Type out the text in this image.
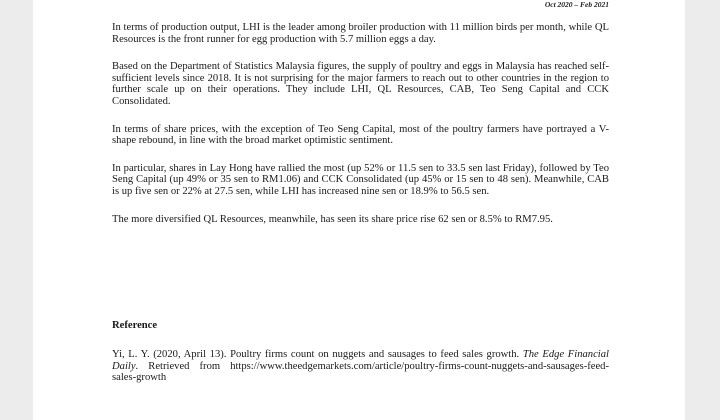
Oct 2020 – Feb 2021

In terms of production output, LHI is the leader among broiler production with 11 million birds per month, while QL Resources is the front runner for egg production with 5.7 million eggs a day.

Based on the Department of Statistics Malaysia figures, the supply of poultry and eggs in Malaysia has reached self-sufficient levels since 2018. It is not surprising for the major farmers to reach out to other countries in the region to further scale up on their operations. They include LHI, QL Resources, CAB, Teo Seng Capital and CCK Consolidated.

In terms of share prices, with the exception of Teo Seng Capital, most of the poultry farmers have portrayed a V-shape rebound, in line with the broad market optimistic sentiment.

In particular, shares in Lay Hong have rallied the most (up 52% or 11.5 sen to 33.5 sen last Friday), followed by Teo Seng Capital (up 49% or 35 sen to RM1.06) and CCK Consolidated (up 45% or 15 sen to 48 sen). Meanwhile, CAB is up five sen or 22% at 27.5 sen, while LHI has increased nine sen or 18.9% to 56.5 sen.

The more diversified QL Resources, meanwhile, has seen its share price rise 62 sen or 8.5% to RM7.95.

Reference
Yi, L. Y. (2020, April 13). Poultry firms count on nuggets and sausages to feed sales growth. The Edge Financial Daily. Retrieved from https://www.theedgemarkets.com/article/poultry-firms-count-nuggets-and-sausages-feed-sales-growth
